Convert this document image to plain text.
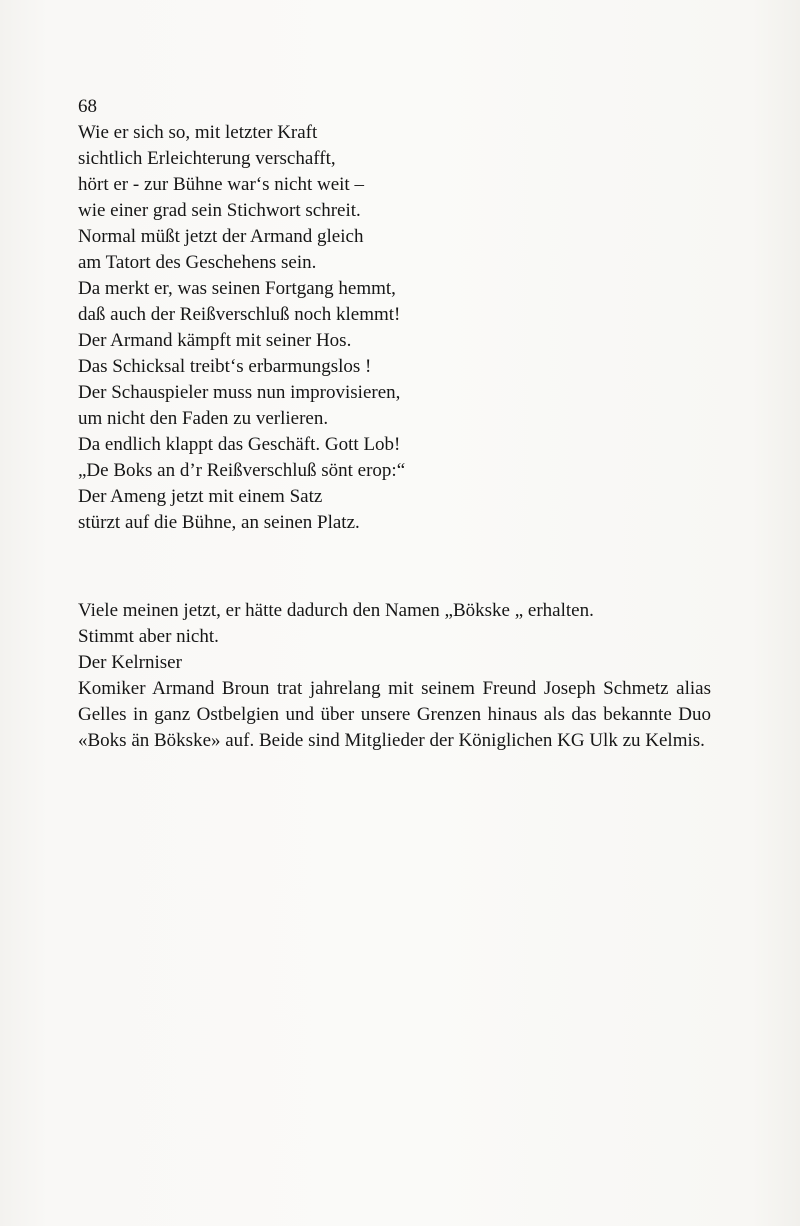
68
Wie er sich so, mit letzter Kraft
sichtlich Erleichterung verschafft,
hört er - zur Bühne war‘s nicht weit –
wie einer grad sein Stichwort schreit.
Normal müßt jetzt der Armand gleich
am Tatort des Geschehens sein.
Da merkt er, was seinen Fortgang hemmt,
daß auch der Reißverschluß noch klemmt!
Der Armand kämpft mit seiner Hos.
Das Schicksal treibt‘s erbarmungslos !
Der Schauspieler muss nun improvisieren,
um nicht den Faden zu verlieren.
Da endlich klappt das Geschäft. Gott Lob!
„De Boks an d’r Reißverschluß sönt erop:“
Der Ameng jetzt mit einem Satz
stürzt auf die Bühne, an seinen Platz.
Viele meinen jetzt, er hätte dadurch den Namen „Bökske „ erhalten.
Stimmt aber nicht.
Der Kelrniser
Komiker Armand Broun trat jahrelang mit seinem Freund Joseph Schmetz alias Gelles in ganz Ostbelgien und über unsere Grenzen hinaus als das bekannte Duo «Boks än Bökske» auf. Beide sind Mitglieder der Königlichen KG Ulk zu Kelmis.
